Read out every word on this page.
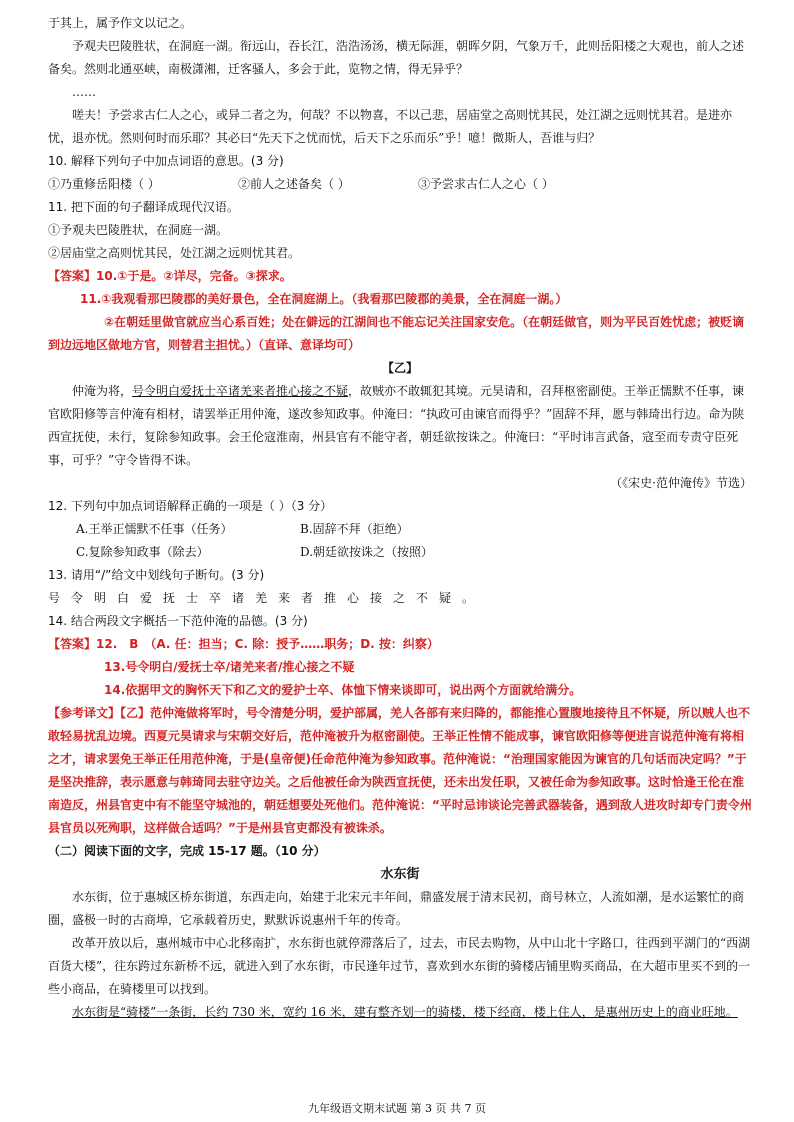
于其上，属予作文以记之。

予观夫巴陵胜状，在洞庭一湖。衔远山，吞长江，浩浩汤汤，横无际涯，朝晖夕阴，气象万千，此则岳阳楼之大观也，前人之述备矣。然则北通巫峡，南极潇湘，迁客骚人，多会于此，览物之情，得无异乎？

……

嗟夫！予尝求古仁人之心，或异二者之为，何哉？不以物喜，不以己悲，居庙堂之高则忧其民，处江湖之远则忧其君。是进亦忧，退亦忧。然则何时而乐耶？其必曰“先天下之忧而忧，后天下之乐而乐”乎！噫！微斯人，吾谁与归？

10. 解释下列句子中加点词语的意思。(3 分)

①乃重修岳阳楼（ ）	②前人之述备矣（ ）	③予尝求古仁人之心（ ）

11. 把下面的句子翻译成现代汉语。

①予观夫巴陵胜状，在洞庭一湖。

②居庙堂之高则忧其民，处江湖之远则忧其君。

【答案】10.①于是。②详尽，完备。③探求。

11.①我观看那巴陵郡的美好景色，全在洞庭湖上。（我看那巴陵郡的美景，全在洞庭一湖。）

②在朝廷里做官就应当心系百姓；处在僻远的江湖间也不能忘记关注国家安危。（在朝廷做官，则为平民百姓忧虑；被贬谪到边远地区做地方官，则替君主担忧。）（直译、意译均可）

【乙】

仲淹为将，号令明白爱抚士卒诸羌来者推心接之不疑，故贼亦不敢辄犯其境。元昊请和，召拜枢密副使。王举正懦默不任事，谏官欧阳修等言仲淹有相材，请罢举正用仲淹，遂改参知政事。仲淹曰：“执政可由谏官而得乎？”固辞不拜，愿与韩琦出行边。命为陕西宣抚使，未行，复除参知政事。会王伦寇淮南，州县官有不能守者，朝廷欲按诛之。仲淹曰：“平时讳言武备，寇至而专责守臣死事，可乎？”守令皆得不诛。

（《宋史·范仲淹传》节选）

12. 下列句中加点词语解释正确的一项是（ ）（3 分）

A.王举正懦默不任事（任务）	B.固辞不拜（拒绝）
C.复除参知政事（除去）	D.朝廷欲按诛之（按照）

13. 请用“/”给文中划线句子断句。(3 分)

号令明白爱抚士卒诸羌来者推心接之不疑。

14. 结合两段文字概括一下范仲淹的品德。(3 分)

【答案】12.　B　（A. 任：担当；C. 除：授予……职务；D. 按：纠察）

13.号令明白/爱抚士卒/诸羌来者/推心接之不疑

14.依据甲文的胸怀天下和乙文的爱护士卒、体恤下情来谈即可，说出两个方面就给满分。

【参考译文】【乙】范仲淹做将军时，号令清楚分明，爱护部属，羌人各部有来归降的，都能推心置腹地接待且不怀疑，所以贼人也不敢轻易扰乱边境。西夏元昊请求与宋朝交好后，范仲淹被升为枢密副使。王举正性情不能成事，谏官欧阳修等便进言说范仲淹有将相之才，请求罢免王举正任用范仲淹，于是(皇帝便)任命范仲淹为参知政事。范仲淹说：“治理国家能因为谏官的几句话而决定吗？”于是坚决推辞，表示愿意与韩琦同去驻守边关。之后他被任命为陕西宣抚使，还未出发任职，又被任命为参知政事。这时恰逢王伦在淮南造反，州县官吏中有不能坚守城池的，朝廷想要处死他们。范仲淹说：“平时忌讳谈论完善武器装备，遇到敌人进攻时却专门责令州县官员以死殉职，这样做合适吗？”于是州县官吏都没有被诛杀。

（二）阅读下面的文字，完成 15-17 题。（10 分）

水东街

水东街，位于惠城区桥东街道，东西走向，始建于北宋元丰年间，鼎盛发展于清末民初，商号林立，人流如潮，是水运繁忙的商圈，盛极一时的古商埠，它承载着历史，默默诉说惠州千年的传奇。

改革开放以后，惠州城市中心北移南扩，水东街也就停滞落后了，过去，市民去购物，从中山北十字路口，往西到平湖门的“西湖百货大楼”，往东跨过东新桥不远，就进入到了水东街，市民逢年过节，喜欢到水东街的骑楼店铺里购买商品，在大超市里买不到的一些小商品，在骑楼里可以找到。

水东街是“骑楼”一条街，长约 730 米，宽约 16 米，建有整齐划一的骑楼，楼下经商，楼上住人，是惠州历史上的商业旺地。

九年级语文期末试题 第 3 页 共 7 页
